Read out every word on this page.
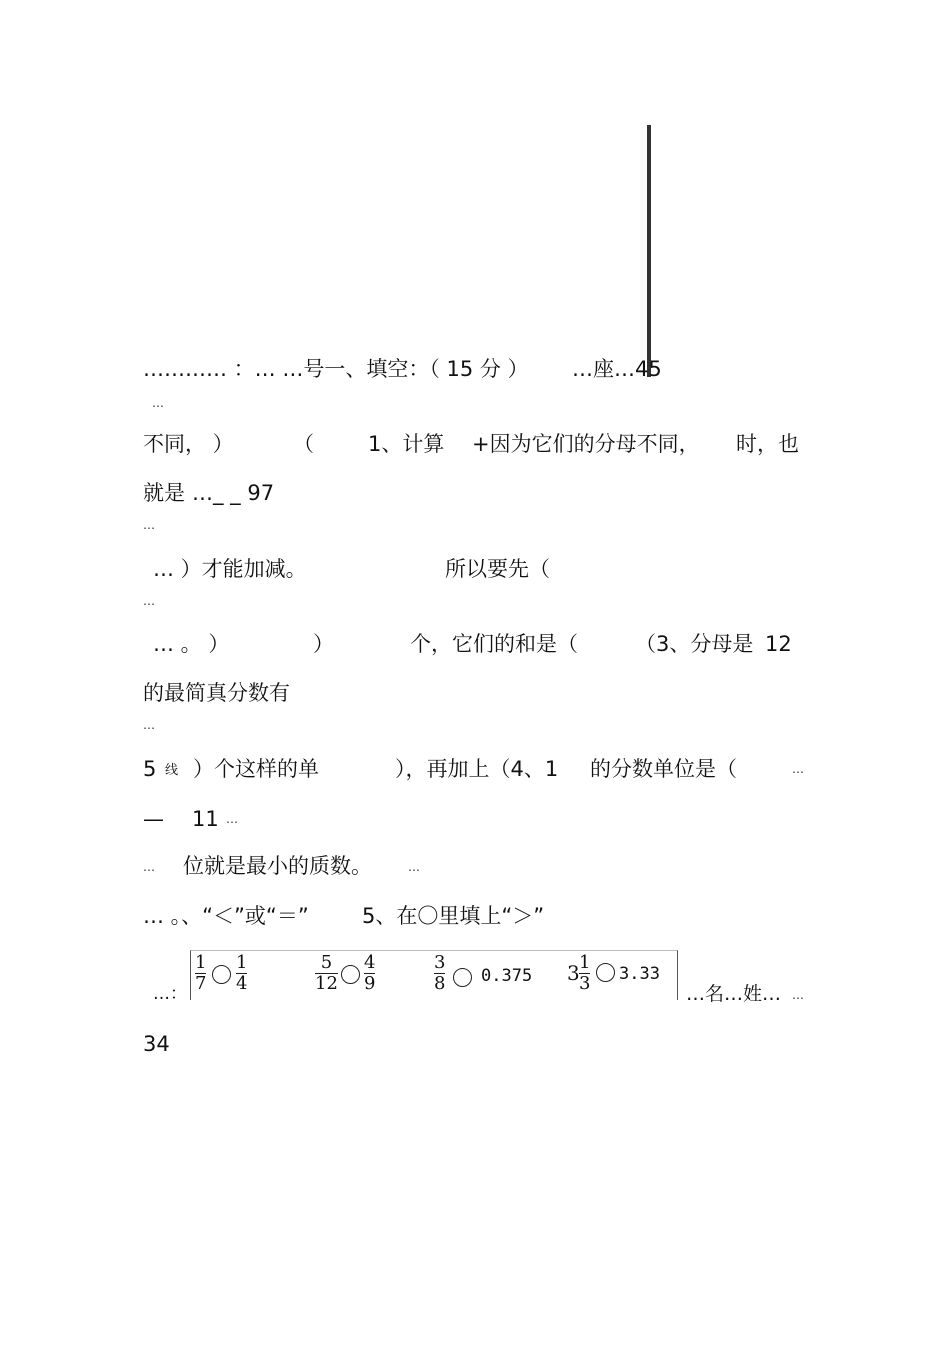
………… ：… …号一、填空：（ 15 分 ） …座…45
…
不同， ）	（	1、计算 +因为它们的分母不同， 时，也
就是 …_ _ 97
…
… ）才能加减。	所以要先（
…
… 。 ）	）	个，它们的和是（	（3、分母是 12
的最简真分数有
…
5 线 ）个这样的单	），再加上（4、1 的分数单位是（	…
— 11 …
… 位就是最小的质数。	…
… 。、“＜”或“＝”	5、在〇里填上“＞”
…：
1
7
1
4
5
12
4
9
3
8 0.375 3 1
3 3.33
…名…姓… …
34
